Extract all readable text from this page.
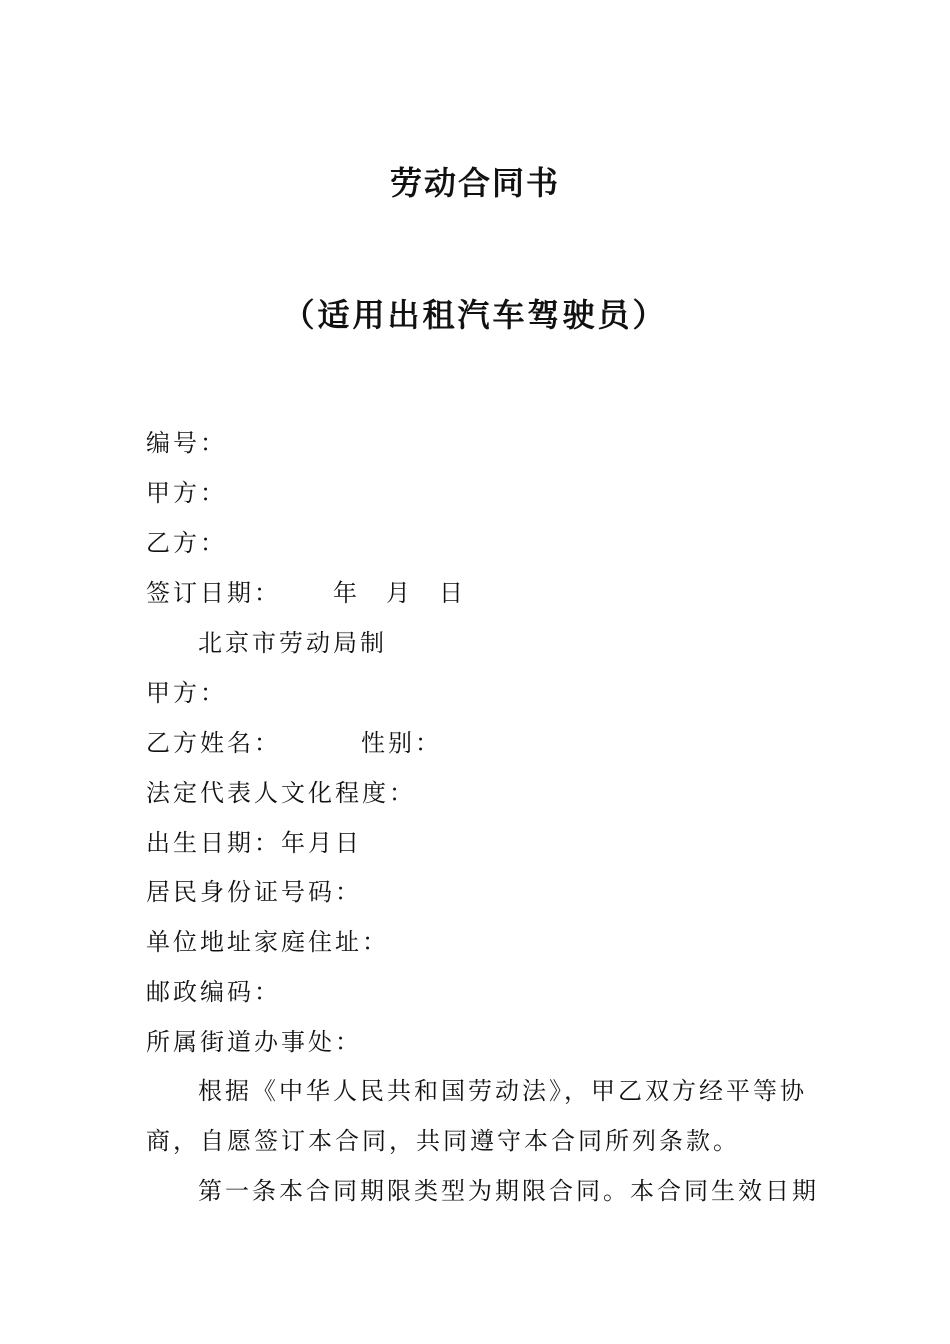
劳动合同书
（适用出租汽车驾驶员）
编号：
甲方：
乙方：
签订日期： 年 月 日
北京市劳动局制
甲方：
乙方姓名：	性别：
法定代表人文化程度：
出生日期：年月日
居民身份证号码：
单位地址家庭住址：
邮政编码：
所属街道办事处：
根据《中华人民共和国劳动法》，甲乙双方经平等协
商，自愿签订本合同，共同遵守本合同所列条款。
第一条本合同期限类型为期限合同。本合同生效日期
